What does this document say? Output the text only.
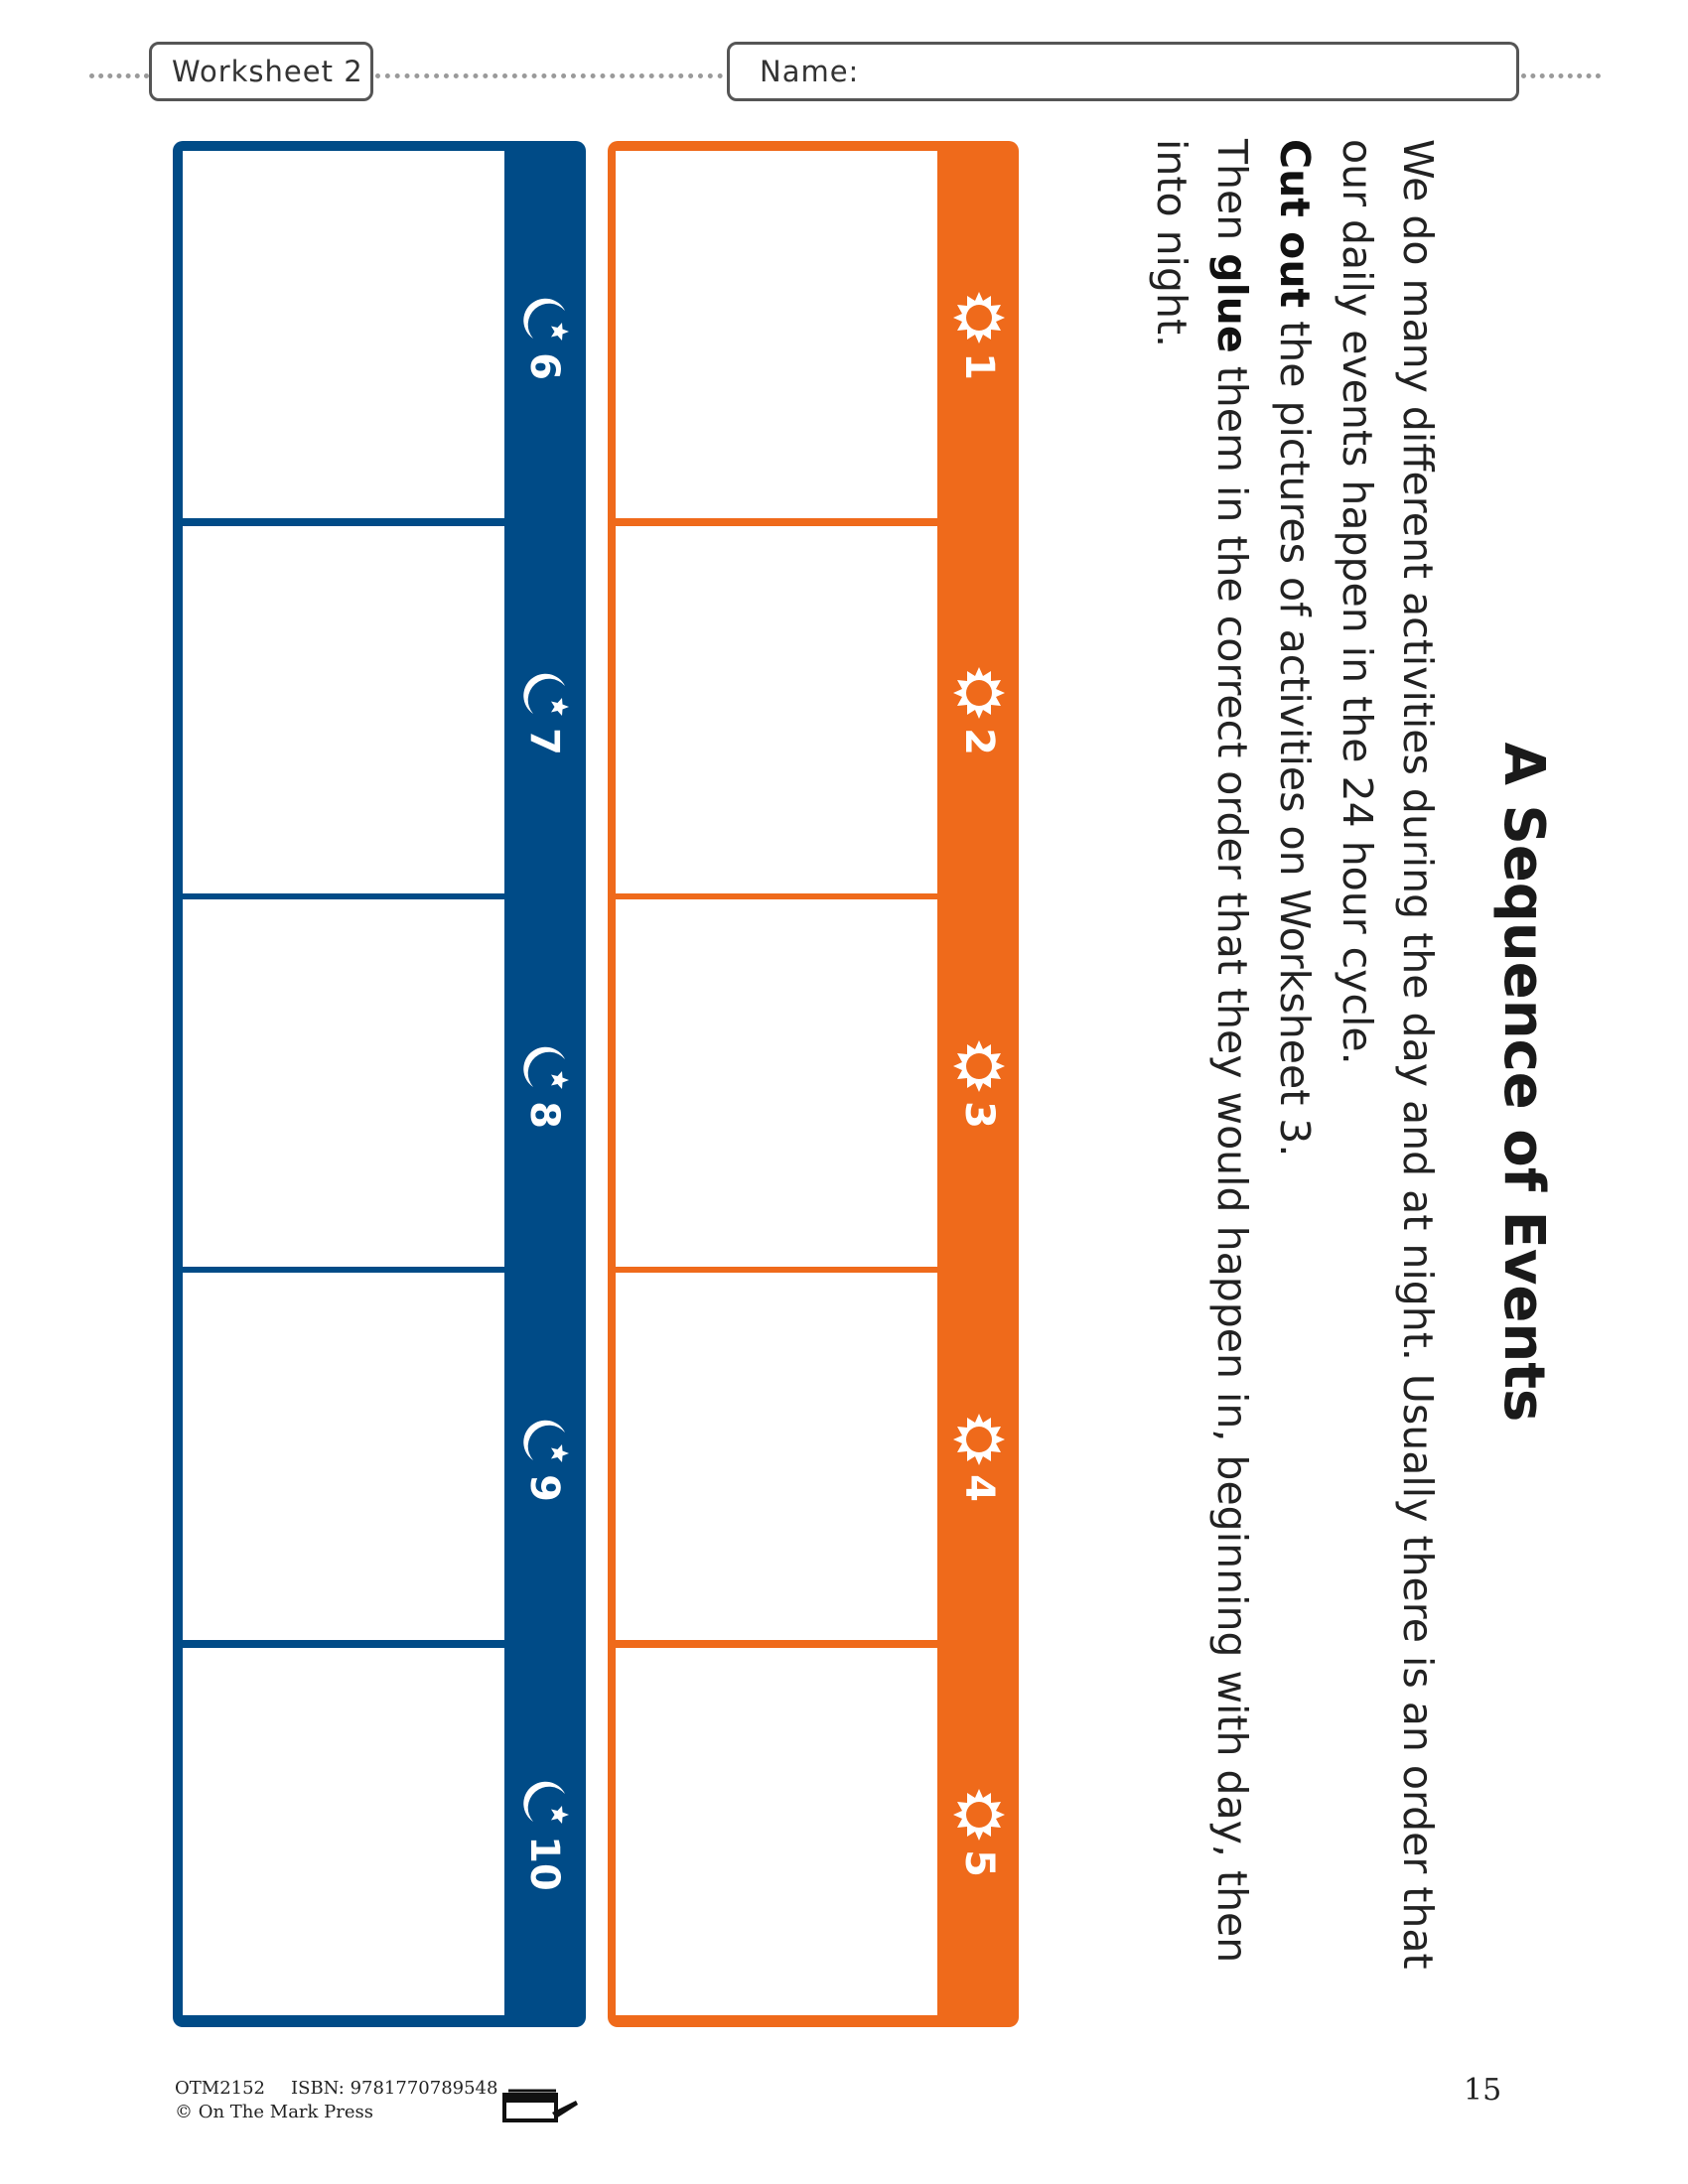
Worksheet 2	Name:
6
7
8
9
10
1
2
3
4
5
A Sequence of Events

We do many different activities during the day and at night. Usually there is an order that our daily events happen in the 24 hour cycle.

Cut out the pictures of activities on Worksheet 3.

Then glue them in the correct order that they would happen in, beginning with day, then into night.

OTM2152 ISBN: 9781770789548
© On The Mark Press
15
